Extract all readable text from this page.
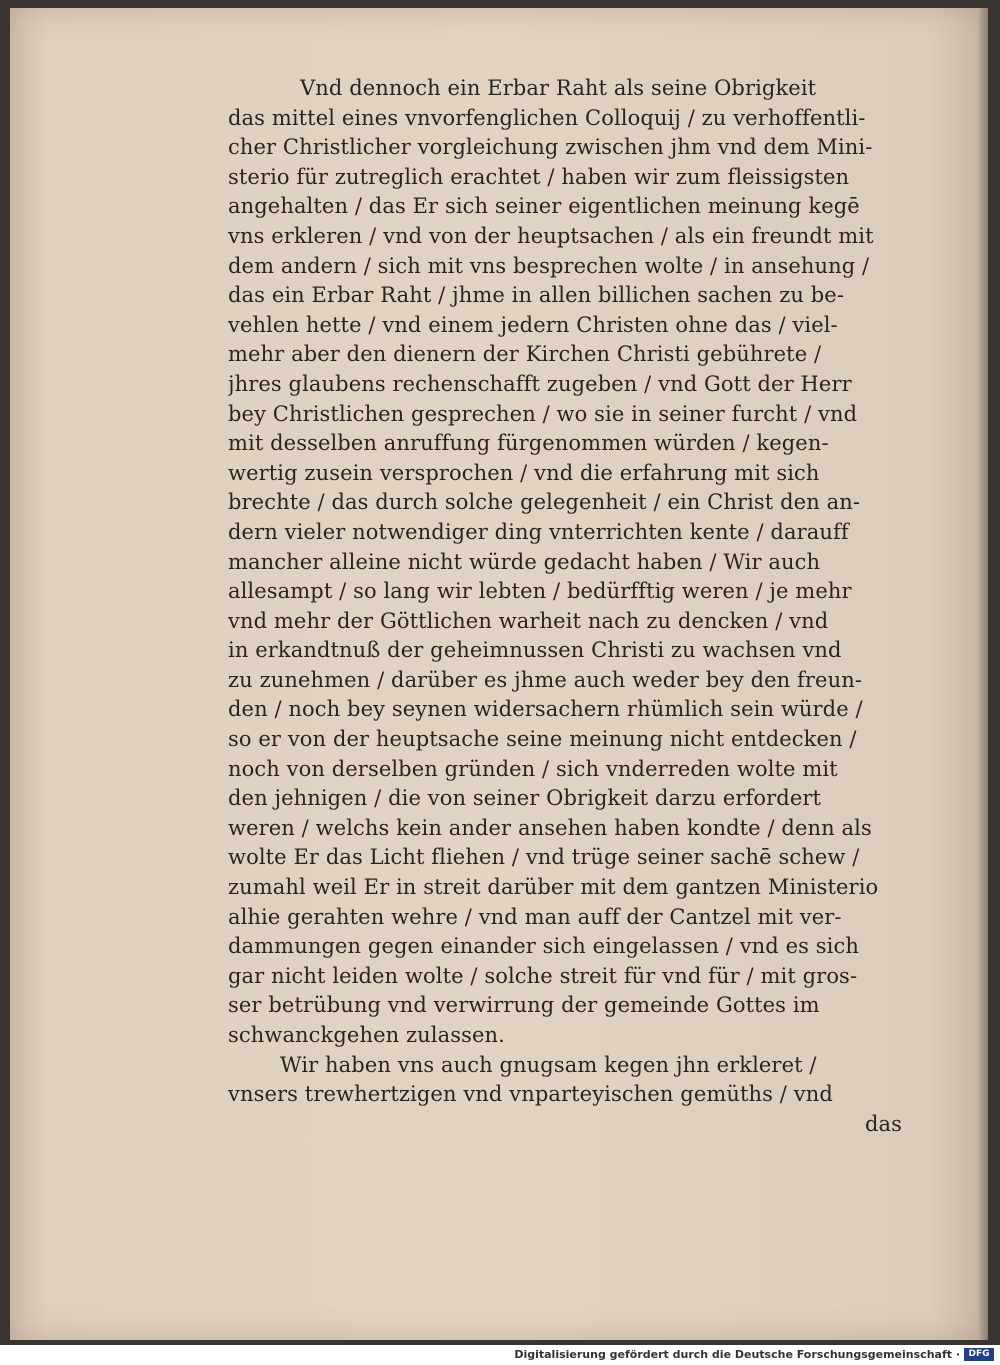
Vnd dennoch ein Erbar Raht als seine Obrigkeit
das mittel eines vnvorfenglichen Colloquij / zu verhoffentli-
cher Christlicher vorgleichung zwischen jhm vnd dem Mini-
sterio für zutreglich erachtet / haben wir zum fleissigsten
angehalten / das Er sich seiner eigentlichen meinung kegē
vns erkleren / vnd von der heuptsachen / als ein freundt mit
dem andern / sich mit vns besprechen wolte / in ansehung /
das ein Erbar Raht / jhme in allen billichen sachen zu be-
vehlen hette / vnd einem jedern Christen ohne das / viel-
mehr aber den dienern der Kirchen Christi gebührete /
jhres glaubens rechenschafft zugeben / vnd Gott der Herr
bey Christlichen gesprechen / wo sie in seiner furcht / vnd
mit desselben anruffung fürgenommen würden / kegen-
wertig zusein versprochen / vnd die erfahrung mit sich
brechte / das durch solche gelegenheit / ein Christ den an-
dern vieler notwendiger ding vnterrichten kente / darauff
mancher alleine nicht würde gedacht haben / Wir auch
allesampt / so lang wir lebten / bedürfftig weren / je mehr
vnd mehr der Göttlichen warheit nach zu dencken / vnd
in erkandtnuß der geheimnussen Christi zu wachsen vnd
zu zunehmen / darüber es jhme auch weder bey den freun-
den / noch bey seynen widersachern rhümlich sein würde /
so er von der heuptsache seine meinung nicht entdecken /
noch von derselben gründen / sich vnderreden wolte mit
den jehnigen / die von seiner Obrigkeit darzu erfordert
weren / welchs kein ander ansehen haben kondte / denn als
wolte Er das Licht fliehen / vnd trüge seiner sachē schew /
zumahl weil Er in streit darüber mit dem gantzen Ministerio
alhie gerahten wehre / vnd man auff der Cantzel mit ver-
dammungen gegen einander sich eingelassen / vnd es sich
gar nicht leiden wolte / solche streit für vnd für / mit gros-
ser betrübung vnd verwirrung der gemeinde Gottes im
schwanckgehen zulassen.
Wir haben vns auch gnugsam kegen jhn erkleret /
vnsers trewhertzigen vnd vnparteyischen gemüths / vnd
das
Digitalisierung gefördert durch die Deutsche Forschungsgemeinschaft · DFG
